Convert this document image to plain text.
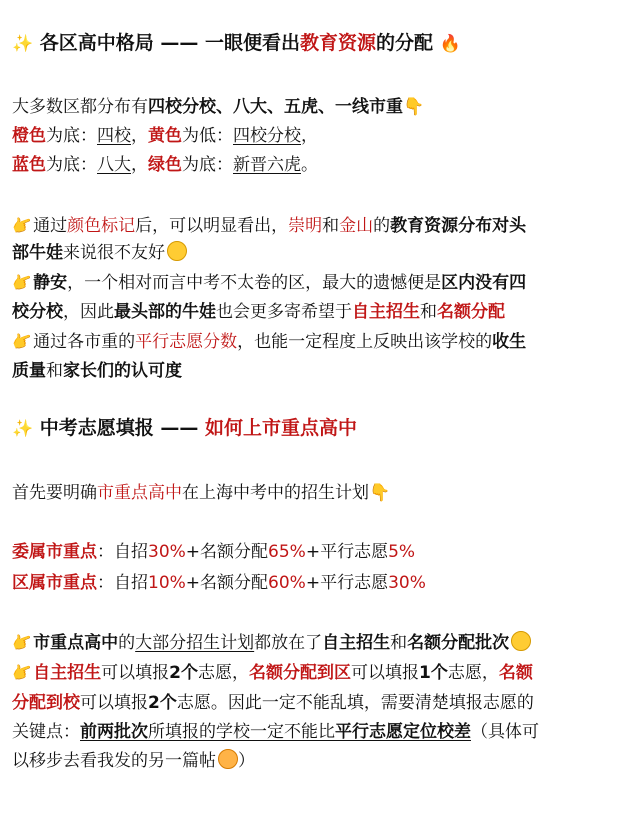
✨ 各区高中格局 —— 一眼便看出教育资源的分配 🔥
大多数区都分布有四校分校、八大、五虎、一线市重👇
橙色为底：四校，黄色为低：四校分校，
蓝色为底：八大，绿色为底：新晋六虎。
👉通过颜色标记后，可以明显看出，崇明和金山的教育资源分布对头
部牛娃来说很不友好
👉静安，一个相对而言中考不太卷的区，最大的遗憾便是区内没有四
校分校，因此最头部的牛娃也会更多寄希望于自主招生和名额分配
👉通过各市重的平行志愿分数，也能一定程度上反映出该学校的收生
质量和家长们的认可度
✨ 中考志愿填报 —— 如何上市重点高中
首先要明确市重点高中在上海中考中的招生计划👇
委属市重点：自招30%+名额分配65%+平行志愿5%
区属市重点：自招10%+名额分配60%+平行志愿30%
👉市重点高中的大部分招生计划都放在了自主招生和名额分配批次
👉自主招生可以填报2个志愿，名额分配到区可以填报1个志愿，名额
分配到校可以填报2个志愿。因此一定不能乱填，需要清楚填报志愿的
关键点：前两批次所填报的学校一定不能比平行志愿定位校差（具体可
以移步去看我发的另一篇帖 ）
